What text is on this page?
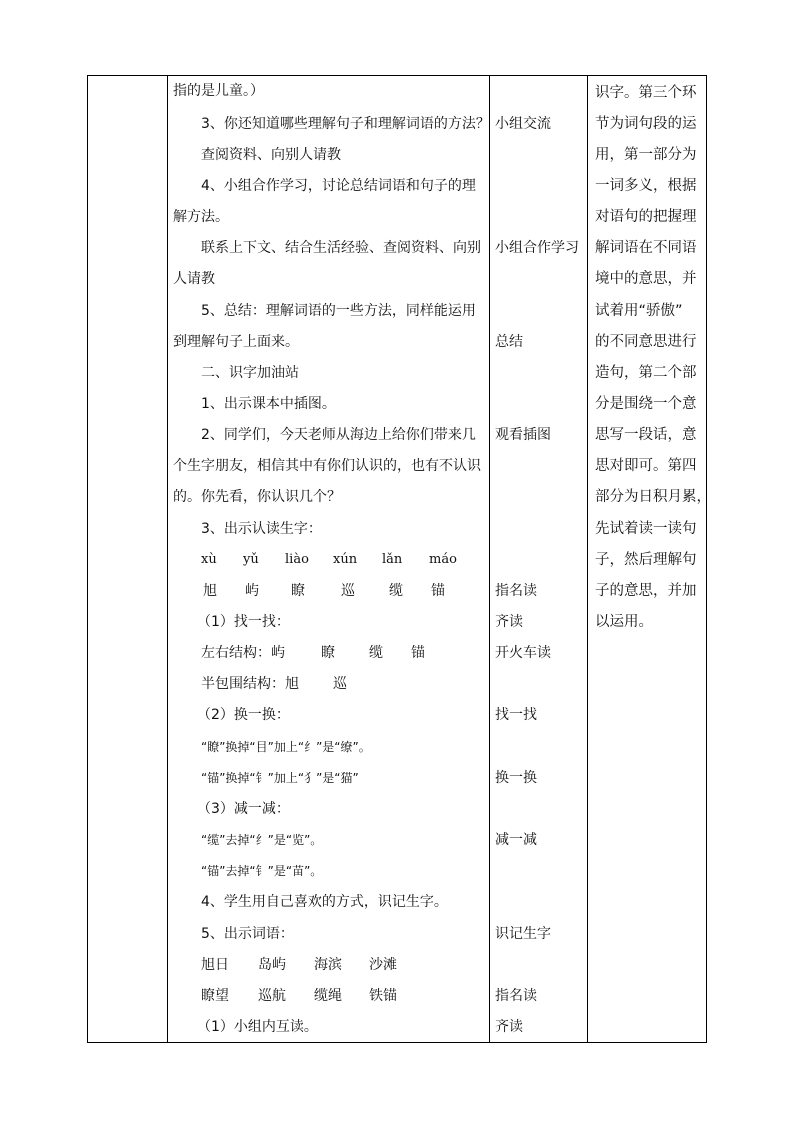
指的是儿童。）
3、你还知道哪些理解句子和理解词语的方法？
查阅资料、向别人请教
4、小组合作学习，讨论总结词语和句子的理
解方法。
联系上下文、结合生活经验、查阅资料、向别
人请教
5、总结：理解词语的一些方法，同样能运用
到理解句子上面来。
二、识字加油站
1、出示课本中插图。
2、同学们，今天老师从海边上给你们带来几
个生字朋友，相信其中有你们认识的，也有不认识
的。你先看，你认识几个？
3、出示认读生字：
xù yǔ liào xún lǎn máo
旭 屿 瞭	巡 缆 锚
（1）找一找：
左右结构： 屿	瞭 缆 锚
半包围结构： 旭 巡
（2）换一换：
“瞭”换掉“目”加上“纟”是“缭”。
“锚”换掉“钅”加上“犭”是“猫”
（3）减一减：
“缆”去掉“纟”是“览”。
“锚”去掉“钅”是“苗”。
4、学生用自己喜欢的方式，识记生字。
5、出示词语：
旭日 岛屿 海滨 沙滩
瞭望 巡航 缆绳 铁锚
（1）小组内互读。
小组交流
小组合作学习
总结
观看插图
指名读
齐读
开火车读
找一找
换一换
减一减
识记生字
指名读
齐读
识字。第三个环
节为词句段的运
用，第一部分为
一词多义，根据
对语句的把握理
解词语在不同语
境中的意思，并
试着用“骄傲”
的不同意思进行
造句，第二个部
分是围绕一个意
思写一段话，意
思对即可。第四
部分为日积月累，
先试着读一读句
子，然后理解句
子的意思，并加
以运用。
